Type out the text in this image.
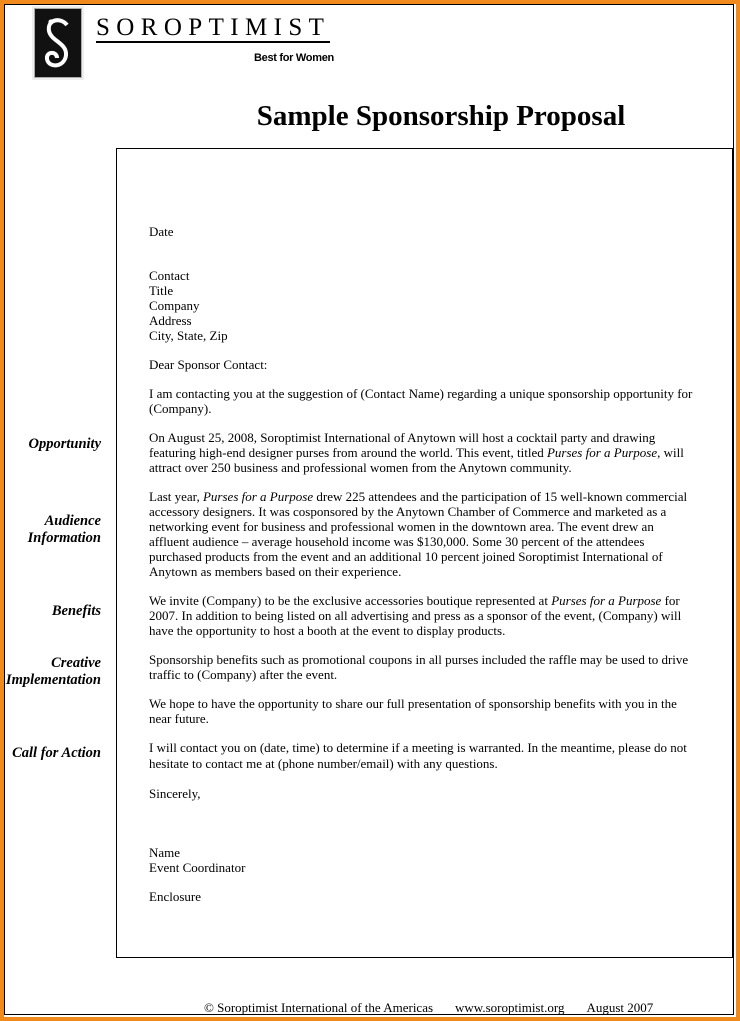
SOROPTIMIST
Best for Women
Sample Sponsorship Proposal
Opportunity
Audience
Information
Benefits
Creative
Implementation
Call for Action
Date
Contact
Title
Company
Address
City, State, Zip
Dear Sponsor Contact:
I am contacting you at the suggestion of (Contact Name) regarding a unique sponsorship opportunity for
(Company).
On August 25, 2008, Soroptimist International of Anytown will host a cocktail party and drawing
featuring high-end designer purses from around the world. This event, titled Purses for a Purpose, will
attract over 250 business and professional women from the Anytown community.
Last year, Purses for a Purpose drew 225 attendees and the participation of 15 well-known commercial
accessory designers. It was cosponsored by the Anytown Chamber of Commerce and marketed as a
networking event for business and professional women in the downtown area. The event drew an
affluent audience – average household income was $130,000. Some 30 percent of the attendees
purchased products from the event and an additional 10 percent joined Soroptimist International of
Anytown as members based on their experience.
We invite (Company) to be the exclusive accessories boutique represented at Purses for a Purpose for
2007. In addition to being listed on all advertising and press as a sponsor of the event, (Company) will
have the opportunity to host a booth at the event to display products.
Sponsorship benefits such as promotional coupons in all purses included the raffle may be used to drive
traffic to (Company) after the event.
We hope to have the opportunity to share our full presentation of sponsorship benefits with you in the
near future.
I will contact you on (date, time) to determine if a meeting is warranted. In the meantime, please do not
hesitate to contact me at (phone number/email) with any questions.
Sincerely,
Name
Event Coordinator
Enclosure
© Soroptimist International of the Americas www.soroptimist.org August 2007
